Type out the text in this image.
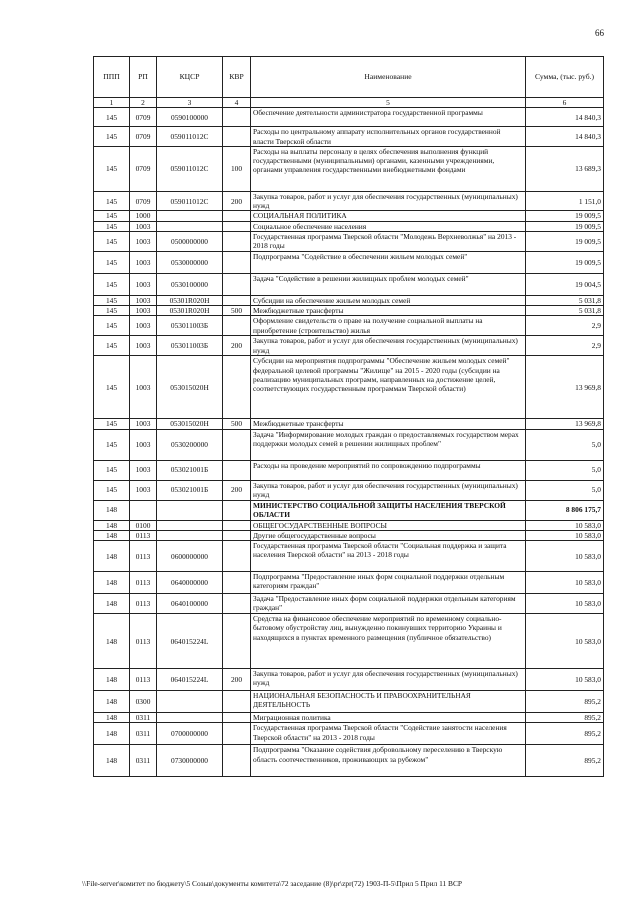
66
ППП	РП	КЦСР	КВР	Наименование	Сумма, (тыс. руб.)
1	2	3	4	5	6
145	0709	0590100000		Обеспечение деятельности администратора государственной программы	14 840,3
145	0709	059011012С		Расходы по центральному аппарату исполнительных органов государственной власти Тверской области	14 840,3
145	0709	059011012С	100	Расходы на выплаты персоналу в целях обеспечения выполнения функций государственными (муниципальными) органами, казенными учреждениями, органами управления государственными внебюджетными фондами	13 689,3
145	0709	059011012С	200	Закупка товаров, работ и услуг для обеспечения государственных (муниципальных) нужд	1 151,0
145	1000			СОЦИАЛЬНАЯ ПОЛИТИКА	19 009,5
145	1003			Социальное обеспечение населения	19 009,5
145	1003	0500000000		Государственная программа Тверской области "Молодежь Верхневолжья" на 2013 - 2018 годы	19 009,5
145	1003	0530000000		Подпрограмма "Содействие в обеспечении жильем молодых семей"	19 009,5
145	1003	0530100000		Задача "Содействие в решении жилищных проблем молодых семей"	19 004,5
145	1003	05301R020Н		Субсидии на обеспечение жильем молодых семей	5 031,8
145	1003	05301R020Н	500	Межбюджетные трансферты	5 031,8
145	1003	053011003Б		Оформление свидетельств о праве на получение социальной выплаты на приобретение (строительство) жилья	2,9
145	1003	053011003Б	200	Закупка товаров, работ и услуг для обеспечения государственных (муниципальных) нужд	2,9
145	1003	053015020Н		Субсидии на мероприятия подпрограммы "Обеспечение жильем молодых семей" федеральной целевой программы "Жилище" на 2015 - 2020 годы (субсидии на реализацию муниципальных программ, направленных на достижение целей, соответствующих государственным программам Тверской области)	13 969,8
145	1003	053015020Н	500	Межбюджетные трансферты	13 969,8
145	1003	0530200000		Задача "Информирование молодых граждан о предоставляемых государством мерах поддержки молодых семей в решении жилищных проблем"	5,0
145	1003	053021001Б		Расходы на проведение мероприятий по сопровождению подпрограммы	5,0
145	1003	053021001Б	200	Закупка товаров, работ и услуг для обеспечения государственных (муниципальных) нужд	5,0
148				МИНИСТЕРСТВО СОЦИАЛЬНОЙ ЗАЩИТЫ НАСЕЛЕНИЯ ТВЕРСКОЙ ОБЛАСТИ	8 806 175,7
148	0100			ОБЩЕГОСУДАРСТВЕННЫЕ ВОПРОСЫ	10 583,0
148	0113			Другие общегосударственные вопросы	10 583,0
148	0113	0600000000		Государственная программа Тверской области "Социальная поддержка и защита населения Тверской области" на 2013 - 2018 годы	10 583,0
148	0113	0640000000		Подпрограмма "Предоставление иных форм социальной поддержки отдельным категориям граждан"	10 583,0
148	0113	0640100000		Задача "Предоставление иных форм социальной поддержки отдельным категориям граждан"	10 583,0
148	0113	064015224L		Средства на финансовое обеспечение мероприятий по временному социально-бытовому обустройству лиц, вынужденно покинувших территорию Украины и находящихся в пунктах временного размещения (публичное обязательство)	10 583,0
148	0113	064015224L	200	Закупка товаров, работ и услуг для обеспечения государственных (муниципальных) нужд	10 583,0
148	0300			НАЦИОНАЛЬНАЯ БЕЗОПАСНОСТЬ И ПРАВООХРАНИТЕЛЬНАЯ ДЕЯТЕЛЬНОСТЬ	895,2
148	0311			Миграционная политика	895,2
148	0311	0700000000		Государственная программа Тверской области "Содействие занятости населения Тверской области" на 2013 - 2018 годы	895,2
148	0311	0730000000		Подпрограмма "Оказание содействия добровольному переселению в Тверскую область соотечественников, проживающих за рубежом"	895,2
\\File-server\комитет по бюджету\5 Созыв\документы комитета\72 заседание (8)\pr\zpr(72) 1903-П-5\Прил 5 Прил 11 ВСР
